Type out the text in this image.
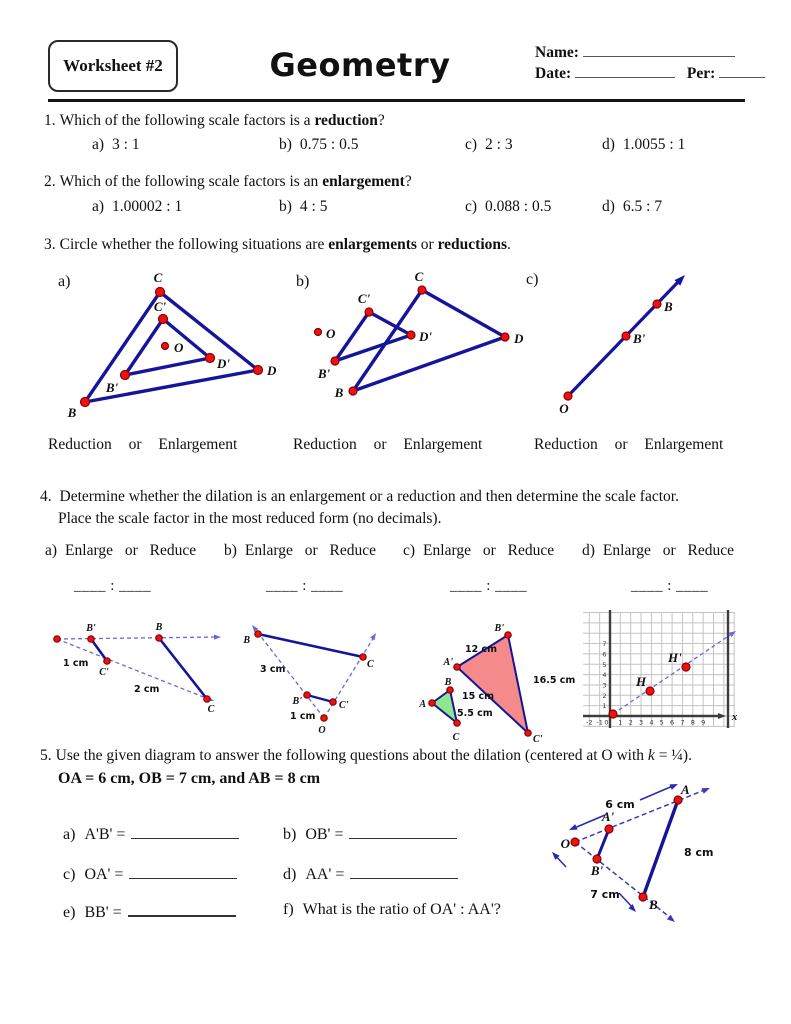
Worksheet #2	Geometry	Name:
Date:	Per:
1. Which of the following scale factors is a reduction?
a) 3 : 1	b) 0.75 : 0.5	c) 2 : 3	d) 1.0055 : 1
2. Which of the following scale factors is an enlargement?
a) 1.00002 : 1	b) 4 : 5	c) 0.088 : 0.5	d) 6.5 : 7
3. Circle whether the following situations are enlargements or reductions.
a)	C
C'
O
D'	D
B'
B
b)	C
C'
O	D'	D
B'
B
c)
O
B'
B
Reduction or Enlargement	Reduction or Enlargement	Reduction or Enlargement
4. Determine whether the dilation is an enlargement or a reduction and then determine the scale factor.
Place the scale factor in the most reduced form (no decimals).
a) Enlarge or Reduce b) Enlarge or Reduce c) Enlarge or Reduce d) Enlarge or Reduce
____ : ____	____ : ____	____ : ____	____ : ____
B'	B
C'
C
1 cm
2 cm
B
C
B'	C'
O
3 cm
1 cm
A
B
C
A'
B'
C'
12 cm
16.5 cm
15 cm
5.5 cm	x
-2 -1 0 1 2 3 4 5 6 7 8 9
1
2
3
4
5
6
7
H
H'
5. Use the given diagram to answer the following questions about the dilation (centered at O with k = ¼).
OA = 6 cm, OB = 7 cm, and AB = 8 cm
a) A'B' =	b) OB' =
c) OA' =	d) AA' =
e) BB' =	f) What is the ratio of OA' : AA'?
O
A
A'
B'
B
6 cm
8 cm
7 cm
